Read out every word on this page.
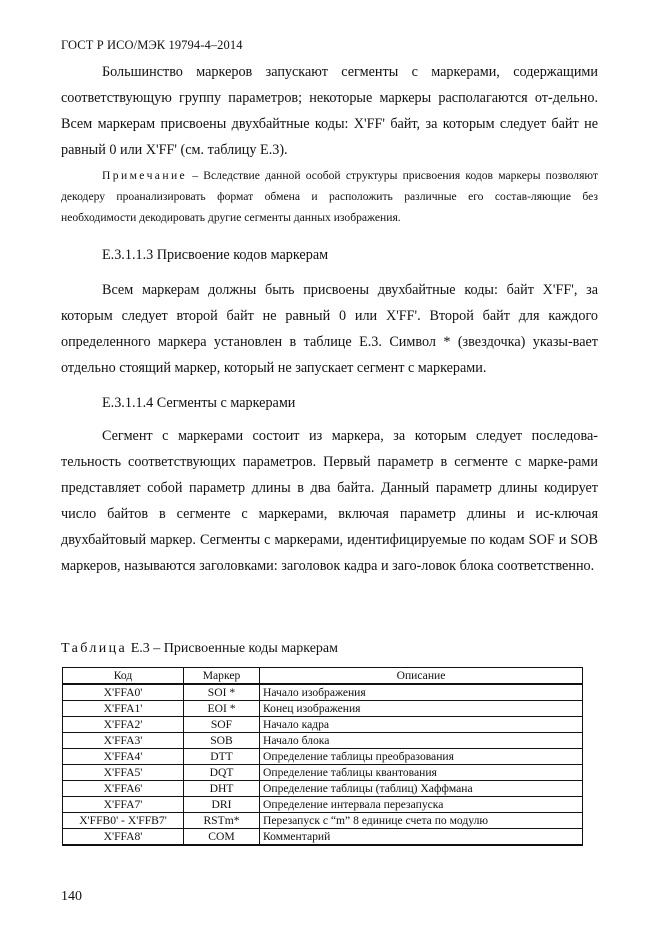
ГОСТ Р ИСО/МЭК 19794-4–2014

Большинство маркеров запускают сегменты с маркерами, содержащими соответствующую группу параметров; некоторые маркеры располагаются от-дельно. Всем маркерам присвоены двухбайтные коды: X'FF' байт, за которым следует байт не равный 0 или X'FF' (см. таблицу Е.3).

Примечание – Вследствие данной особой структуры присвоения кодов маркеры позволяют декодеру проанализировать формат обмена и расположить различные его состав-ляющие без необходимости декодировать другие сегменты данных изображения.

Е.3.1.1.3 Присвоение кодов маркерам

Всем маркерам должны быть присвоены двухбайтные коды: байт X'FF', за которым следует второй байт не равный 0 или X'FF'. Второй байт для каждого определенного маркера установлен в таблице Е.3. Символ * (звездочка) указы-вает отдельно стоящий маркер, который не запускает сегмент с маркерами.

Е.3.1.1.4 Сегменты с маркерами

Сегмент с маркерами состоит из маркера, за которым следует последова-тельность соответствующих параметров. Первый параметр в сегменте с марке-рами представляет собой параметр длины в два байта. Данный параметр длины кодирует число байтов в сегменте с маркерами, включая параметр длины и ис-ключая двухбайтовый маркер. Сегменты с маркерами, идентифицируемые по кодам SOF и SOB маркеров, называются заголовками: заголовок кадра и заго-ловок блока соответственно.

Таблица Е.3 – Присвоенные коды маркерам
Код	Маркер	Описание
X'FFA0'	SOI *	Начало изображения
X'FFA1'	EOI *	Конец изображения
X'FFA2'	SOF	Начало кадра
X'FFA3'	SOB	Начало блока
X'FFA4'	DTT	Определение таблицы преобразования
X'FFA5'	DQT	Определение таблицы квантования
X'FFA6'	DHT	Определение таблицы (таблиц) Хаффмана
X'FFA7'	DRI	Определение интервала перезапуска
X'FFB0' - X'FFB7'	RSTm*	Перезапуск с “m” 8 единице счета по модулю
X'FFA8'	COM	Комментарий
140
